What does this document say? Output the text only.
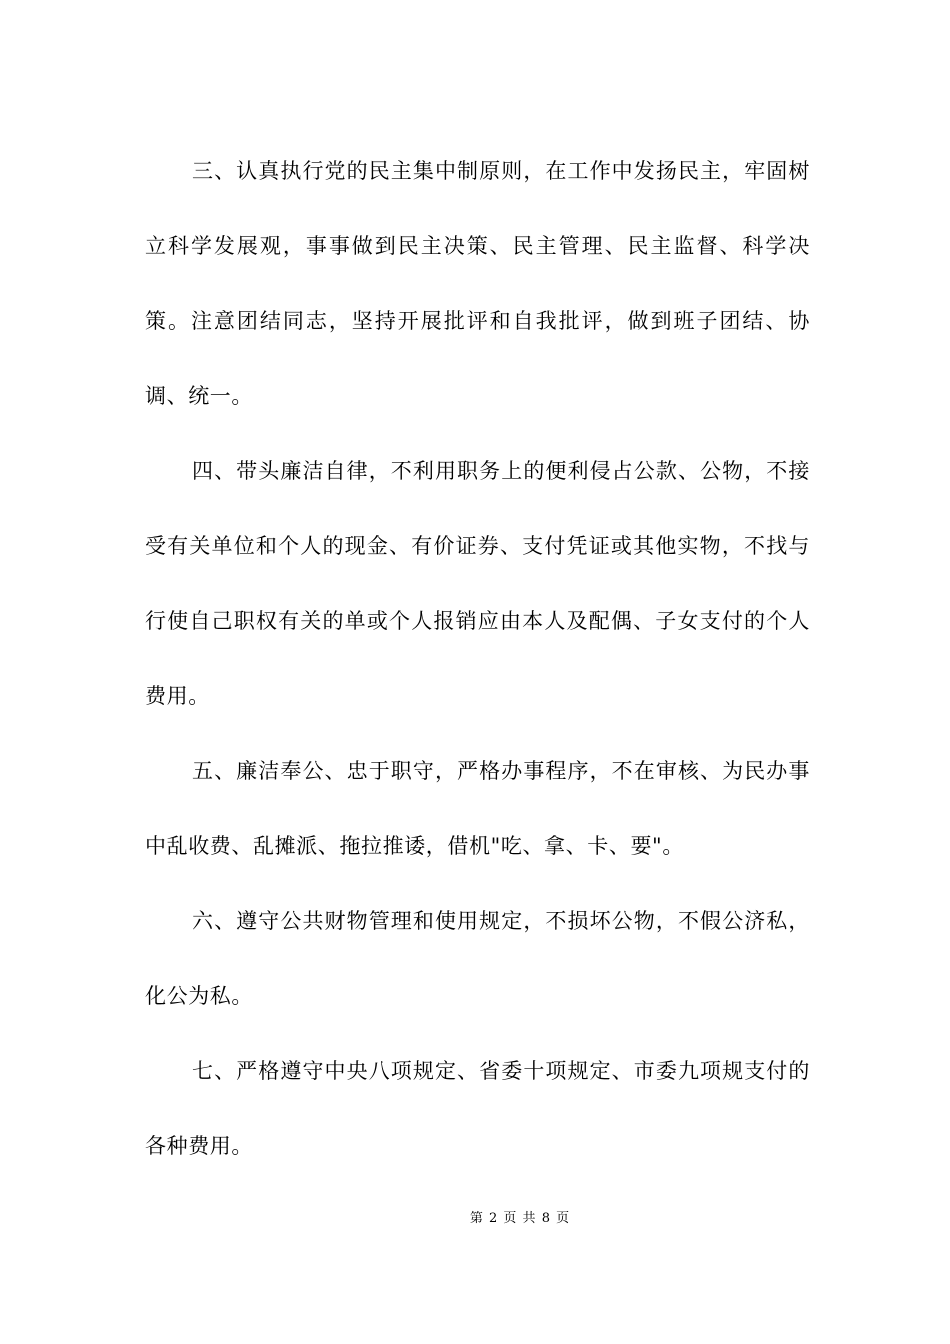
三、认真执行党的民主集中制原则，在工作中发扬民主，牢固树立科学发展观，事事做到民主决策、民主管理、民主监督、科学决策。注意团结同志，坚持开展批评和自我批评，做到班子团结、协调、统一。

四、带头廉洁自律，不利用职务上的便利侵占公款、公物，不接受有关单位和个人的现金、有价证券、支付凭证或其他实物，不找与行使自己职权有关的单或个人报销应由本人及配偶、子女支付的个人费用。

五、廉洁奉公、忠于职守，严格办事程序，不在审核、为民办事中乱收费、乱摊派、拖拉推诿，借机"吃、拿、卡、要"。

六、遵守公共财物管理和使用规定，不损坏公物，不假公济私，化公为私。

七、严格遵守中央八项规定、省委十项规定、市委九项规支付的各种费用。

第 2 页 共 8 页
